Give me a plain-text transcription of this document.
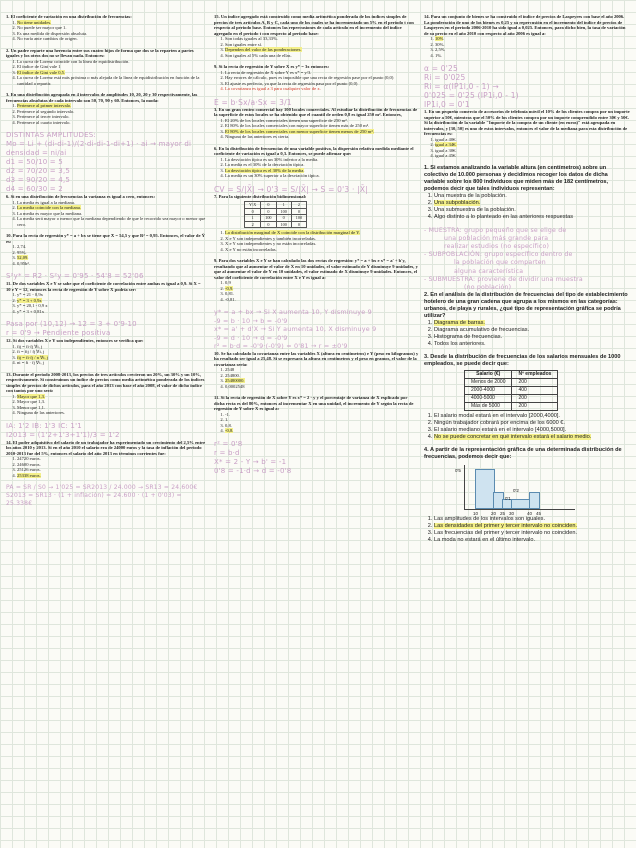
1. El coeficiente de variación en una distribución de frecuencias:
1. No tiene unidades.
2. No puede ser mayor que 1.
3. Es una medida de dispersión absoluta.
4. No varía ante cambios de origen.
2. Un padre reparte una herencia entre sus cuatro hijos de forma que dos se la reparten a partes iguales y los otros dos no se llevan nada. Entonces:
1. La curva de Lorenz coincide con la línea de equidistribución.
2. El índice de Gini vale 1
3. El índice de Gini vale 0,5.
4. La curva de Lorenz está más próxima o más alejada de la línea de equidistribución en función de la cantidad a repartir.
3. En una distribución agrupada en 4 intervalos de amplitudes 10, 20, 20 y 30 respectivamente, las frecuencias absolutas de cada intervalo son 50, 70, 90 y 60. Entonces, la moda:
1. Pertenece al primer intervalo.
2. Pertenece al segundo intervalo.
3. Pertenece al tercer intervalo.
4. Pertenece al cuarto intervalo.
DISTINTAS AMPLITUDES:
Mo = Li + (di-di-1)/(2·di-di-1-di+1) · ai → mayor di
densidad = ni/ai
d1 = 50/10 = 5
d2 = 70/20 = 3,5
d3 = 90/20 = 4,5
d4 = 60/30 = 2
6. Si en una distribución de frecuencias la varianza es igual a cero, entonces:
1. La media es igual a la mediana.
2. La media coincide con la mediana.
3. La media es mayor que la mediana.
4. La media será mayor o menor que la mediana dependiendo de que le recorrido sea mayor o menor que cero.
10. Para la recta de regresión y* = a + bx se tiene que X̄ = 54,5 y que R² = 0,95. Entonces, el valor de Ȳ es:
1. 2,74.
2. 95%.
3. 52,09.
4. 0,95b².
S²y* = R2 · S²y = 0'95 · 54'8 = 52'06
11. De dos variables X e Y se sabe que el coeficiente de correlación entre ambas es igual a 0,9. Si X = 10 e Y = 12, entonces la recta de regresión de Y sobre X podría ser:
1. y* = 21 - 0,9x
2. y* = 3 + 0,9x
3. y* = 20,1 - 0,9 x
4. y* = 3 + 0,81x
Pasa por (10,12) → 12 = 3 + 0'9·10
r = 0'9 → Pendiente positiva
12. Si dos variables X e Y son independientes, entonces se verifica que:
1. fij = fi·fj ∀i, j
2. fi = fij / fj ∀i, j
3. fij = fi·fj / n ∀i, j
4. ni = fi · fj ∀i, j
13. Durante el periodo 2008-2013, los precios de tres artículos crecieron un 20%, un 30% y un 10%, respectivamente. Si construimos un índice de precios como media aritmética ponderada de los índices simples de precios de dichos artículos, para el año 2013 con base el año 2008, el valor de dicho índice con tantos por uno será:
1. Mayor que 1,3.
2. Mayor que 1,3.
3. Menor que 1,1.
4. Ninguna de las anteriores.
IA: 1'2 IB: 1'3 IC: 1'1
I2013 = (1'2+1'3+1'1)/3 = 1'2
14. El poder adquisitivo del salario de un trabajador ha experimentado un crecimiento del 2,5% entre los años 2010 y 2013. Si en el año 2010 el salario era de 24000 euros y la tasa de inflación del periodo 2010-2013 fue del 5%, entonces el salario del año 2013 en términos corrientes fue:
1. 24720 euros.
2. 24600 euros.
3. 25126 euros.
4. 25338 euros.
PA = SR / S0 → 1'025 = SR2013 / 24.000 → SR13 = 24.600€
S2013 = SR13 · (1 + inflación) = 24.600 · (1 + 0'03) = 25.338€
15. Un índice agregado está construido como media aritmética ponderada de los índices simples de precios de tres artículos A, B y C, cada uno de los cuales se ha incrementado un 5% en el periodo t con respecto al periodo base. Entonces las repercusiones de cada artículo en el incremento del índice agregado en el periodo t con respecto al periodo base:
1. Son todas iguales al 33,33%.
2. Son iguales entre sí.
3. Dependen del valor de las ponderaciones.
4. Son iguales al 5% cada una de ellas.
9. Si la recta de regresión de Y sobre X es y* = 3x entonces:
1. La recta de regresión de X sobre Y es x* = y/3.
2. Hay errores de cálculo, pues es imposible que una recta de regresión pase por el punto (0,0)
3. El ajuste es perfecto, ya que la recta de regresión pasa por el punto (0,0)
4. La covarianza es igual a 3 para cualquier valor de x.
E = b·Sx/a·Sx = 3/1
3. En un gran centro comercial hay 100 locales comerciales. Al estudiar la distribución de frecuencias de la superficie de estos locales se ha obtenido que el cuantil de orden 0,8 es igual 250 m². Entonces,
1. El 20% de los locales comerciales tienen una superficie de 250 m².
2. El 80% de los locales comerciales con mayor superficie tienen más de 250 m².
3. El 80% de los locales comerciales con menor superficie tienen menos de 250 m².
4. Ninguna de las anteriores es cierta.
6. En la distribución de frecuencias de una variable positiva, la dispersión relativa medida mediante el coeficiente de variación es igual a 0,3. Entonces, se puede afirmar que:
1. La desviación típica es un 30% inferior a la media.
2. La media es el 30% de la desviación típica.
3. La desviación típica es el 30% de la media.
4. La media es un 30% superior a la desviación típica.
CV = S/|X̄| → 0'3 = S/|X̄| → S = 0'3 · |X̄|
7. Para la siguiente distribución bidimensional:
Y\X	0	1	2
0	0	100	0
1	100	0	100
2	0	100	0
1. La distribución marginal de X coincide con la distribución marginal de Y.
2. X e Y son independientes y también incorreladas.
3. X e Y son independientes y no están incorreladas.
4. X e Y no están incorreladas.
9. Para dos variables X e Y se han calculado las dos rectas de regresión: y* = a + bx e x* = a' + b'y, resultando que al aumentar el valor de X en 10 unidades, el valor estimado de Y disminuye 9 unidades, y que al aumentar el valor de Y en 10 unidades, el valor estimado de X disminuye 9 unidades. Entonces, el valor del coeficiente de correlación entre X e Y es igual a:
1. 0,9
2. -0,9.
3. 0,81.
4. -0,81.
y* = a + bx → Si X aumenta 10, Y disminuye 9
-9 = b · 10 → b = -0'9
x* = a' + d'X → Si Y aumenta 10, X disminuye 9
-9 = d · 10 → d = -0'9
r² = b·d = -0'9·(-0'9) = 0'81 → r = ±0'9
10. Se ha calculado la covarianza entre las variables X (altura en centímetros) e Y (peso en kilogramos) y ha resultado ser igual a 25,48. Si se expresara la altura en centímetros y el peso en gramos, el valor de la covarianza sería:
1. 2548
2. 254800.
3. 25480000.
4. 0,0002548
11. Si la recta de regresión de X sobre Y es x* = 2 - y y el porcentaje de varianza de X explicado por dicha recta es del 80%, entonces al incrementar X en una unidad, el incremento de Y según la recta de regresión de Y sobre X es igual a:
1. -1.
2. 1.
3. 0,8.
4. -0,8.
r² = 0'8
r = b·d
X* = 2 - Y → b' = -1
0'8 = -1·d → d = -0'8
14. Para un conjunto de bienes se ha construido el índice de precios de Laspeyres con base el año 2006. La ponderación de uno de los bienes es 0,25 y su repercusión en el incremento del índice de precios de Laspeyres en el periodo 2006-2010 ha sido igual a 0,025. Entonces, para dicho bien, la tasa de variación de su precio en el año 2010 con respecto al año 2006 es igual a:
1. 10%
2. 30%.
3. 2,5%
4. 1%.
α = 0'25
Ri = 0'025
Ri = α(IP1i,0 - 1) →
0'025 = 0'25 (IP1i,0 - 1)
IP1i,0 = 0'1
1. En un pequeño comercio de accesorios de telefonía móvil el 10% de los clientes compra por un importe superior a 50€, mientras que el 50% de los clientes compra por un importe comprendido entre 30€ y 50€. Si la distribución de la variable "Importe de la compra de un cliente (en euros)" está agrupada en intervalos, y [30, 50] es uno de estos intervalos, entonces el valor de la mediana para esta distribución de frecuencias es:
1. igual a 40€.
2. igual a 34€.
3. igual a 30€.
4. igual a 45€.
1. Si estamos analizando la variable altura (en centímetros) sobre un colectivo de 10.000 personas y decidimos recoger los datos de dicha variable sobre los 800 individuos que miden más de 182 centímetros, podemos decir que tales individuos representan:
1. Una muestra de la población.
2. Una subpoblación.
3. Una submuestra de la población.
4. Algo distinto a lo planteado en las anteriores respuestas
- MUESTRA: grupo pequeño que se elige de
una población más grande para
realizar estudios (no específico)
- SUBPOBLACIÓN: grupo específico dentro de
la población que comparten
alguna característica
- SUBMUESTRA: proviene de dividir una muestra
(no población)
2. En el análisis de la distribución de frecuencias del tipo de establecimiento hotelero de una gran cadena que agrupa a los mismos en las categorías: urbanos, de playa y rurales, ¿qué tipo de representación gráfica se podría utilizar?
1. Diagrama de barras.
2. Diagrama acumulativo de frecuencias.
3. Histograma de frecuencias.
4. Todos los anteriores.
3. Desde la distribución de frecuencias de los salarios mensuales de 1000 empleados, se puede decir que:
Salario (€)	Nº empleados
Menos de 2000	200
2000-4000	400
4000-5000	200
Más de 5000	200
1. El salario modal estará en el intervalo [2000,4000].
2. Ningún trabajador cobrará por encima de los 6000 €.
3. El salario mediano estará en el intervalo [4000,5000].
4. No se puede concretar en qué intervalo estará el salario medio.
4. A partir de la representación gráfica de una determinada distribución de frecuencias, podemos decir que:
0'5
0'2
0'1
10	20 25 30	40 45
1. Las amplitudes de los intervalos son iguales.
2. Las densidades del primer y tercer intervalo no coinciden.
3. Las frecuencias del primer y tercer intervalo no coinciden.
4. La moda no estará en el último intervalo.
